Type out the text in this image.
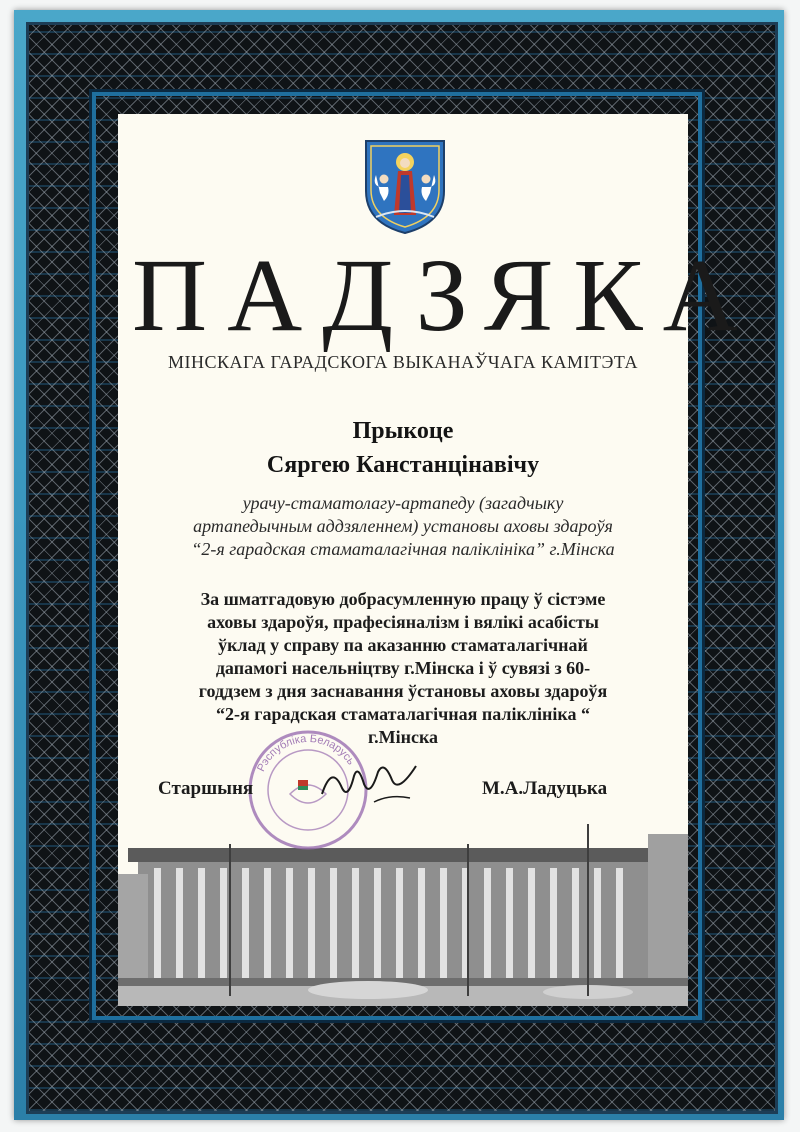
ПАДЗЯКА
МІНСКАГА ГАРАДСКОГА ВЫКАНАЎЧАГА КАМІТЭТА
Прыкоце
Сяргею Канстанцінавічу
урачу-стаматолагу-артапеду (загадчыку
артапедычным аддзяленнем) установы аховы здароўя
“2-я гарадская стаматалагічная паліклініка” г.Мінска
За шматгадовую добрасумленную працу ў сістэме
аховы здароўя, прафесіяналізм і вялікі асабісты
ўклад у справу па аказанню стаматалагічнай
дапамогі насельніцтву г.Мінска і ў сувязі з 60-
годдзем з дня заснавання ўстановы аховы здароўя
“2-я гарадская стаматалагічная паліклініка “
г.Мінска
Рэспубліка Беларусь
Старшыня	М.А.Ладуцька
